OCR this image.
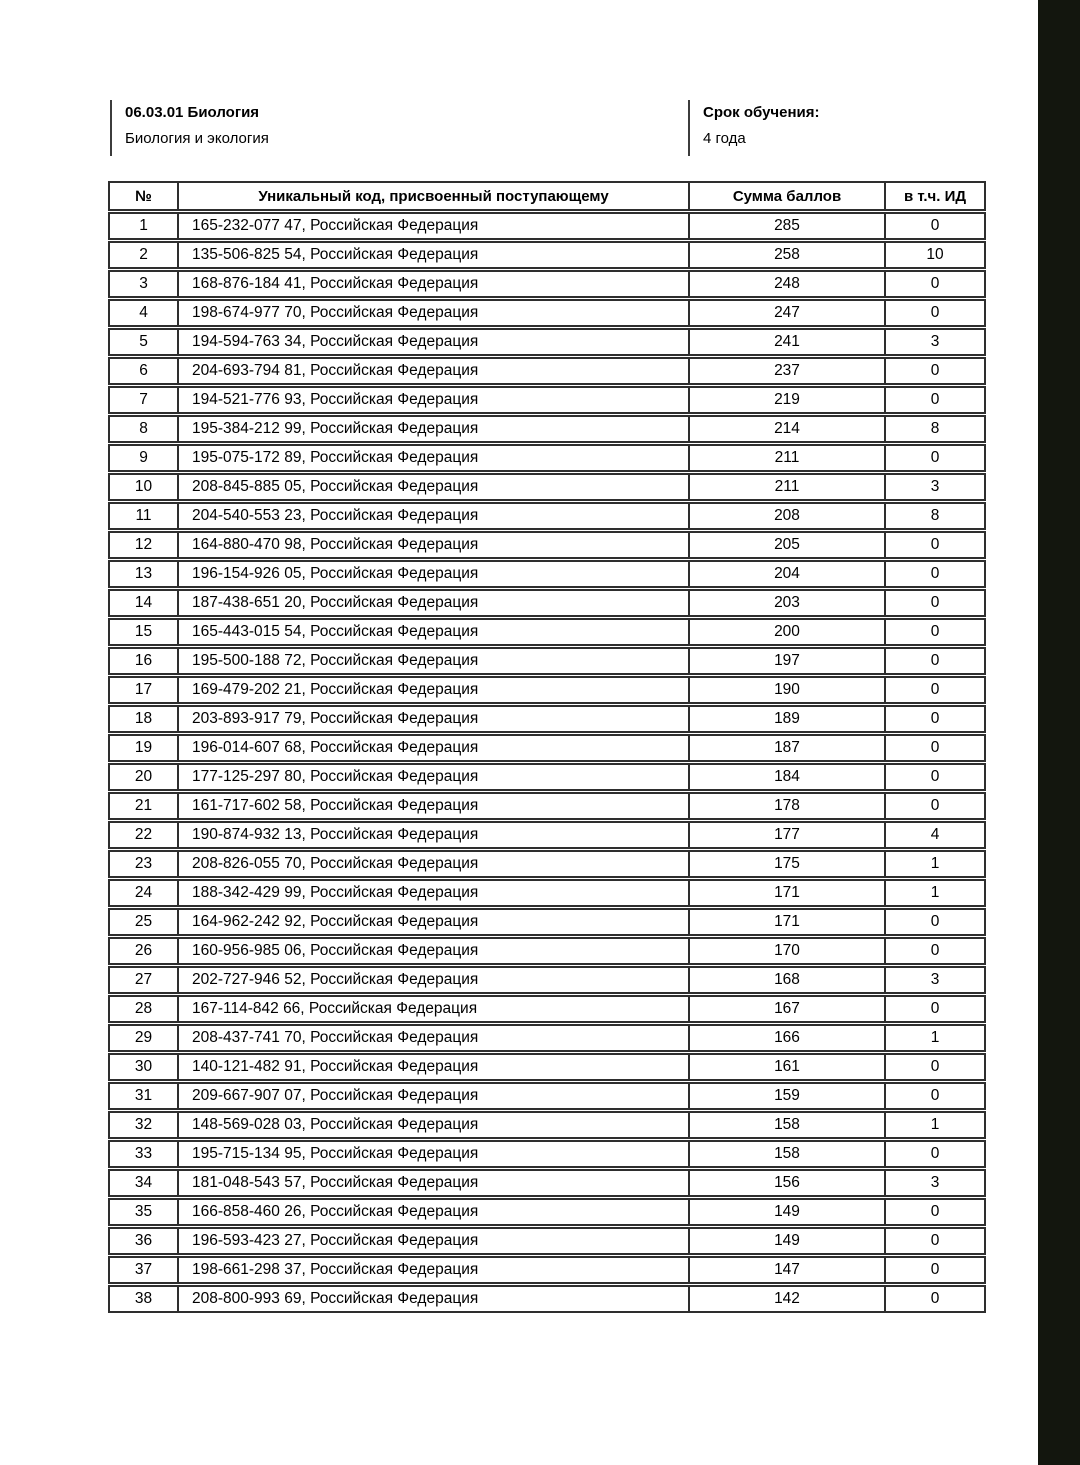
06.03.01 Биология
Биология и экология
Срок обучения:
4 года
№	Уникальный код, присвоенный поступающему	Сумма баллов	в т.ч. ИД
1	165-232-077 47, Российская Федерация	285	0
2	135-506-825 54, Российская Федерация	258	10
3	168-876-184 41, Российская Федерация	248	0
4	198-674-977 70, Российская Федерация	247	0
5	194-594-763 34, Российская Федерация	241	3
6	204-693-794 81, Российская Федерация	237	0
7	194-521-776 93, Российская Федерация	219	0
8	195-384-212 99, Российская Федерация	214	8
9	195-075-172 89, Российская Федерация	211	0
10	208-845-885 05, Российская Федерация	211	3
11	204-540-553 23, Российская Федерация	208	8
12	164-880-470 98, Российская Федерация	205	0
13	196-154-926 05, Российская Федерация	204	0
14	187-438-651 20, Российская Федерация	203	0
15	165-443-015 54, Российская Федерация	200	0
16	195-500-188 72, Российская Федерация	197	0
17	169-479-202 21, Российская Федерация	190	0
18	203-893-917 79, Российская Федерация	189	0
19	196-014-607 68, Российская Федерация	187	0
20	177-125-297 80, Российская Федерация	184	0
21	161-717-602 58, Российская Федерация	178	0
22	190-874-932 13, Российская Федерация	177	4
23	208-826-055 70, Российская Федерация	175	1
24	188-342-429 99, Российская Федерация	171	1
25	164-962-242 92, Российская Федерация	171	0
26	160-956-985 06, Российская Федерация	170	0
27	202-727-946 52, Российская Федерация	168	3
28	167-114-842 66, Российская Федерация	167	0
29	208-437-741 70, Российская Федерация	166	1
30	140-121-482 91, Российская Федерация	161	0
31	209-667-907 07, Российская Федерация	159	0
32	148-569-028 03, Российская Федерация	158	1
33	195-715-134 95, Российская Федерация	158	0
34	181-048-543 57, Российская Федерация	156	3
35	166-858-460 26, Российская Федерация	149	0
36	196-593-423 27, Российская Федерация	149	0
37	198-661-298 37, Российская Федерация	147	0
38	208-800-993 69, Российская Федерация	142	0
